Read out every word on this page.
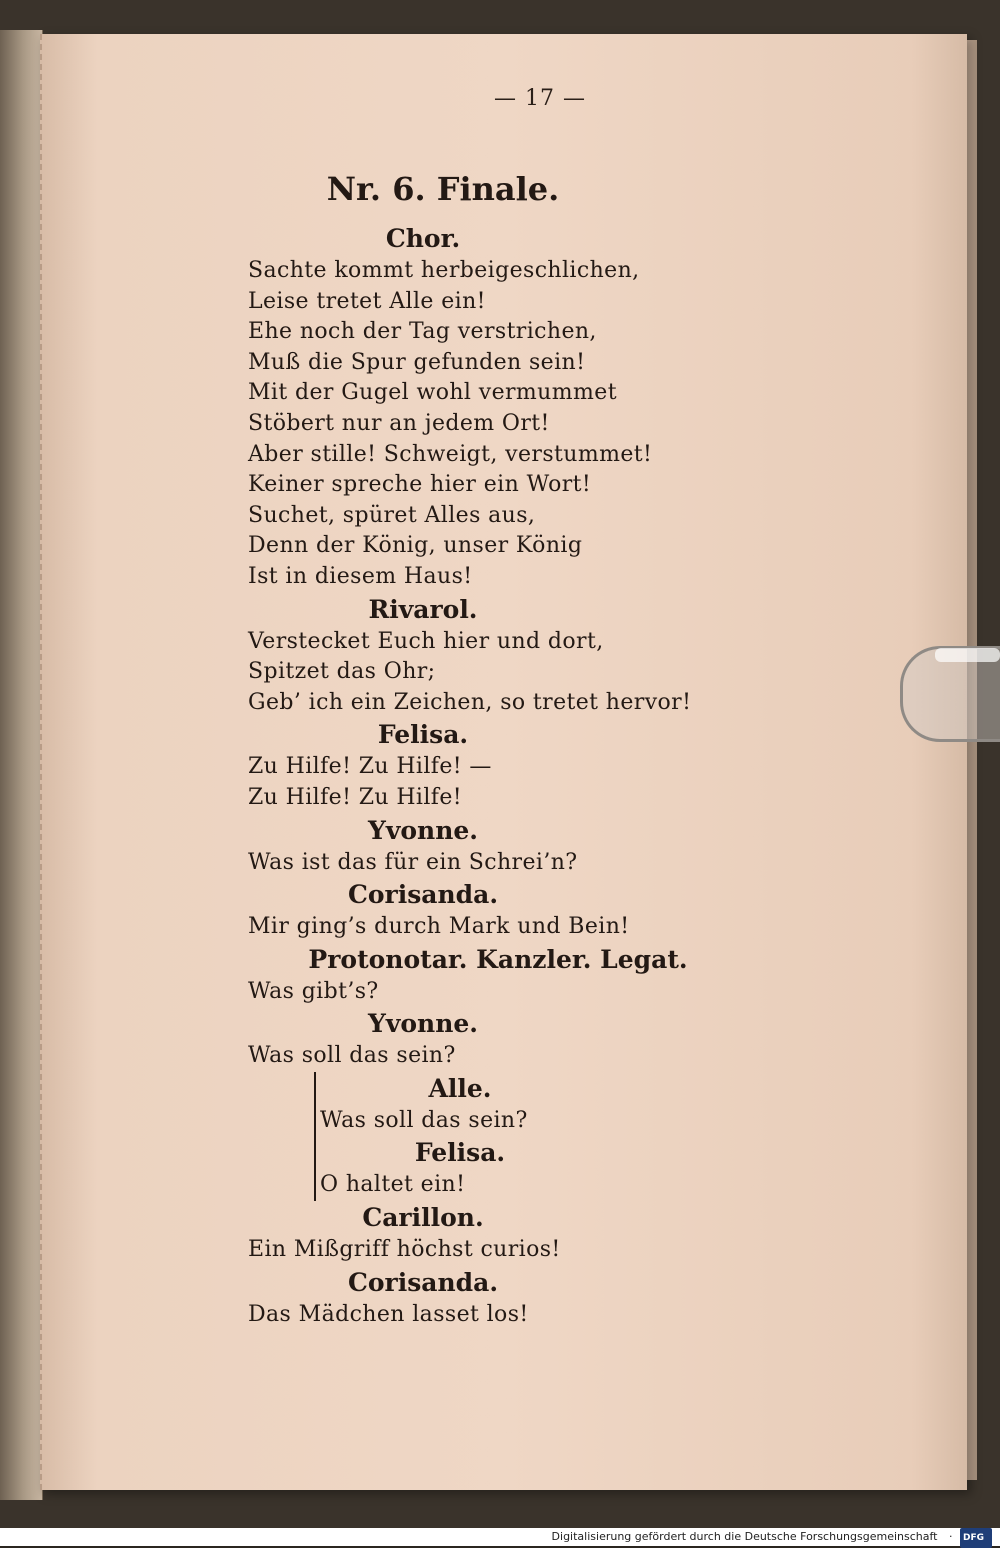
— 17 —
Nr. 6. Finale.
Chor.
Sachte kommt herbeigeschlichen,
Leise tretet Alle ein!
Ehe noch der Tag verstrichen,
Muß die Spur gefunden sein!
Mit der Gugel wohl vermummet
Stöbert nur an jedem Ort!
Aber stille! Schweigt, verstummet!
Keiner spreche hier ein Wort!
Suchet, spüret Alles aus,
Denn der König, unser König
Ist in diesem Haus!
Rivarol.
Verstecket Euch hier und dort,
Spitzet das Ohr;
Geb’ ich ein Zeichen, so tretet hervor!
Felisa.
Zu Hilfe! Zu Hilfe! —
Zu Hilfe! Zu Hilfe!
Yvonne.
Was ist das für ein Schrei’n?
Corisanda.
Mir ging’s durch Mark und Bein!
Protonotar. Kanzler. Legat.
Was gibt’s?
Yvonne.
Was soll das sein?
Alle.
Was soll das sein?
Felisa.
O haltet ein!
Carillon.
Ein Mißgriff höchst curios!
Corisanda.
Das Mädchen lasset los!
Digitalisierung gefördert durch die Deutsche Forschungsgemeinschaft · DFG
